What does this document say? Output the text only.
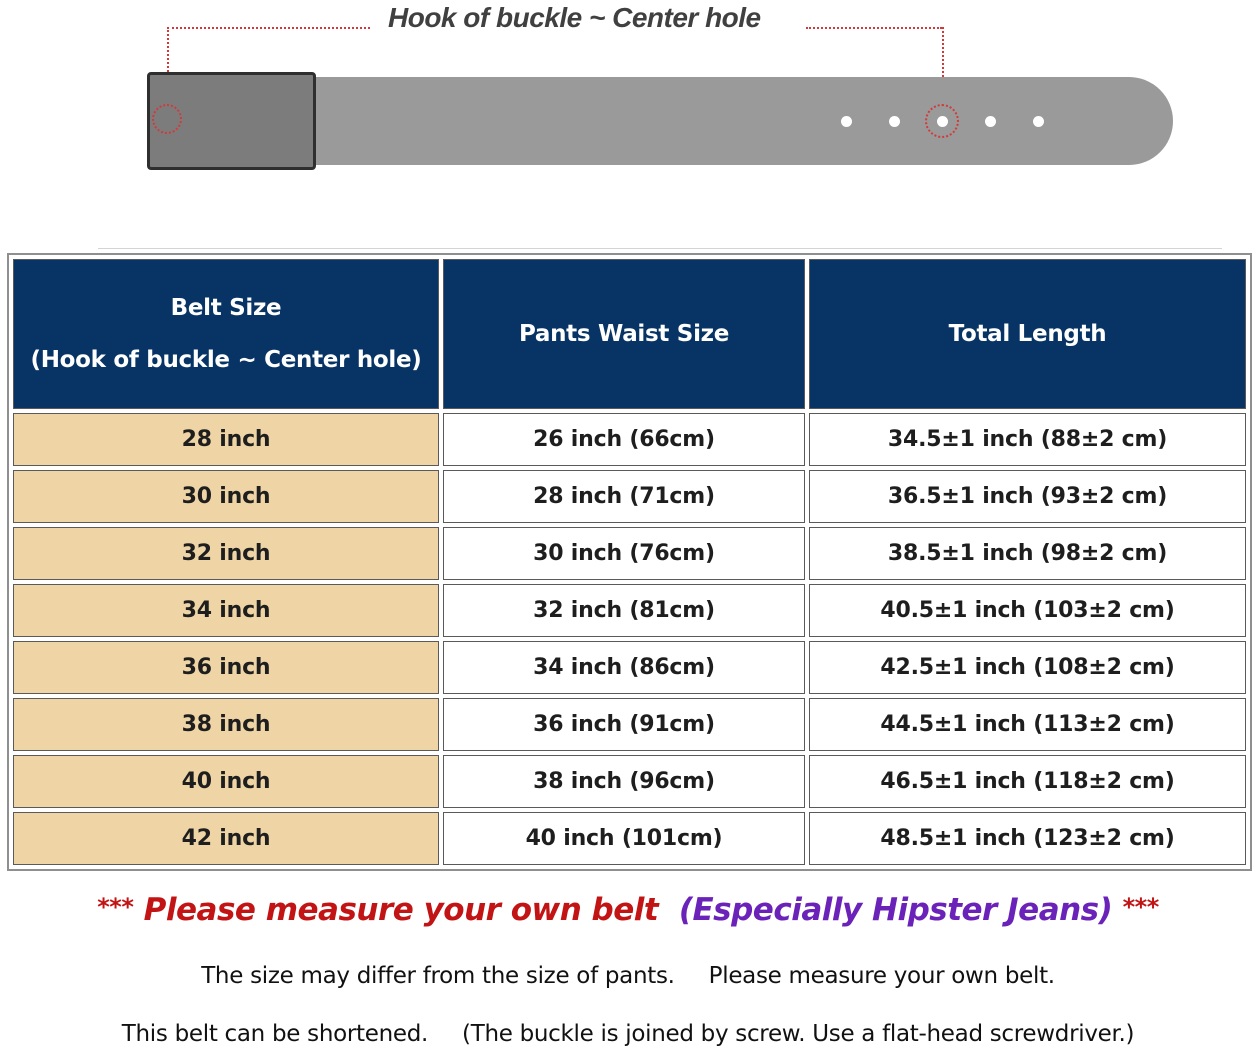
Hook of buckle ~ Center hole
Belt Size
(Hook of buckle ~ Center hole)	Pants Waist Size	Total Length
28 inch	26 inch (66cm)	34.5±1 inch (88±2 cm)
30 inch	28 inch (71cm)	36.5±1 inch (93±2 cm)
32 inch	30 inch (76cm)	38.5±1 inch (98±2 cm)
34 inch	32 inch (81cm)	40.5±1 inch (103±2 cm)
36 inch	34 inch (86cm)	42.5±1 inch (108±2 cm)
38 inch	36 inch (91cm)	44.5±1 inch (113±2 cm)
40 inch	38 inch (96cm)	46.5±1 inch (118±2 cm)
42 inch	40 inch (101cm)	48.5±1 inch (123±2 cm)
*** Please measure your own belt (Especially Hipster Jeans) ***
The size may differ from the size of pants. Please measure your own belt.
This belt can be shortened. (The buckle is joined by screw. Use a flat-head screwdriver.)
